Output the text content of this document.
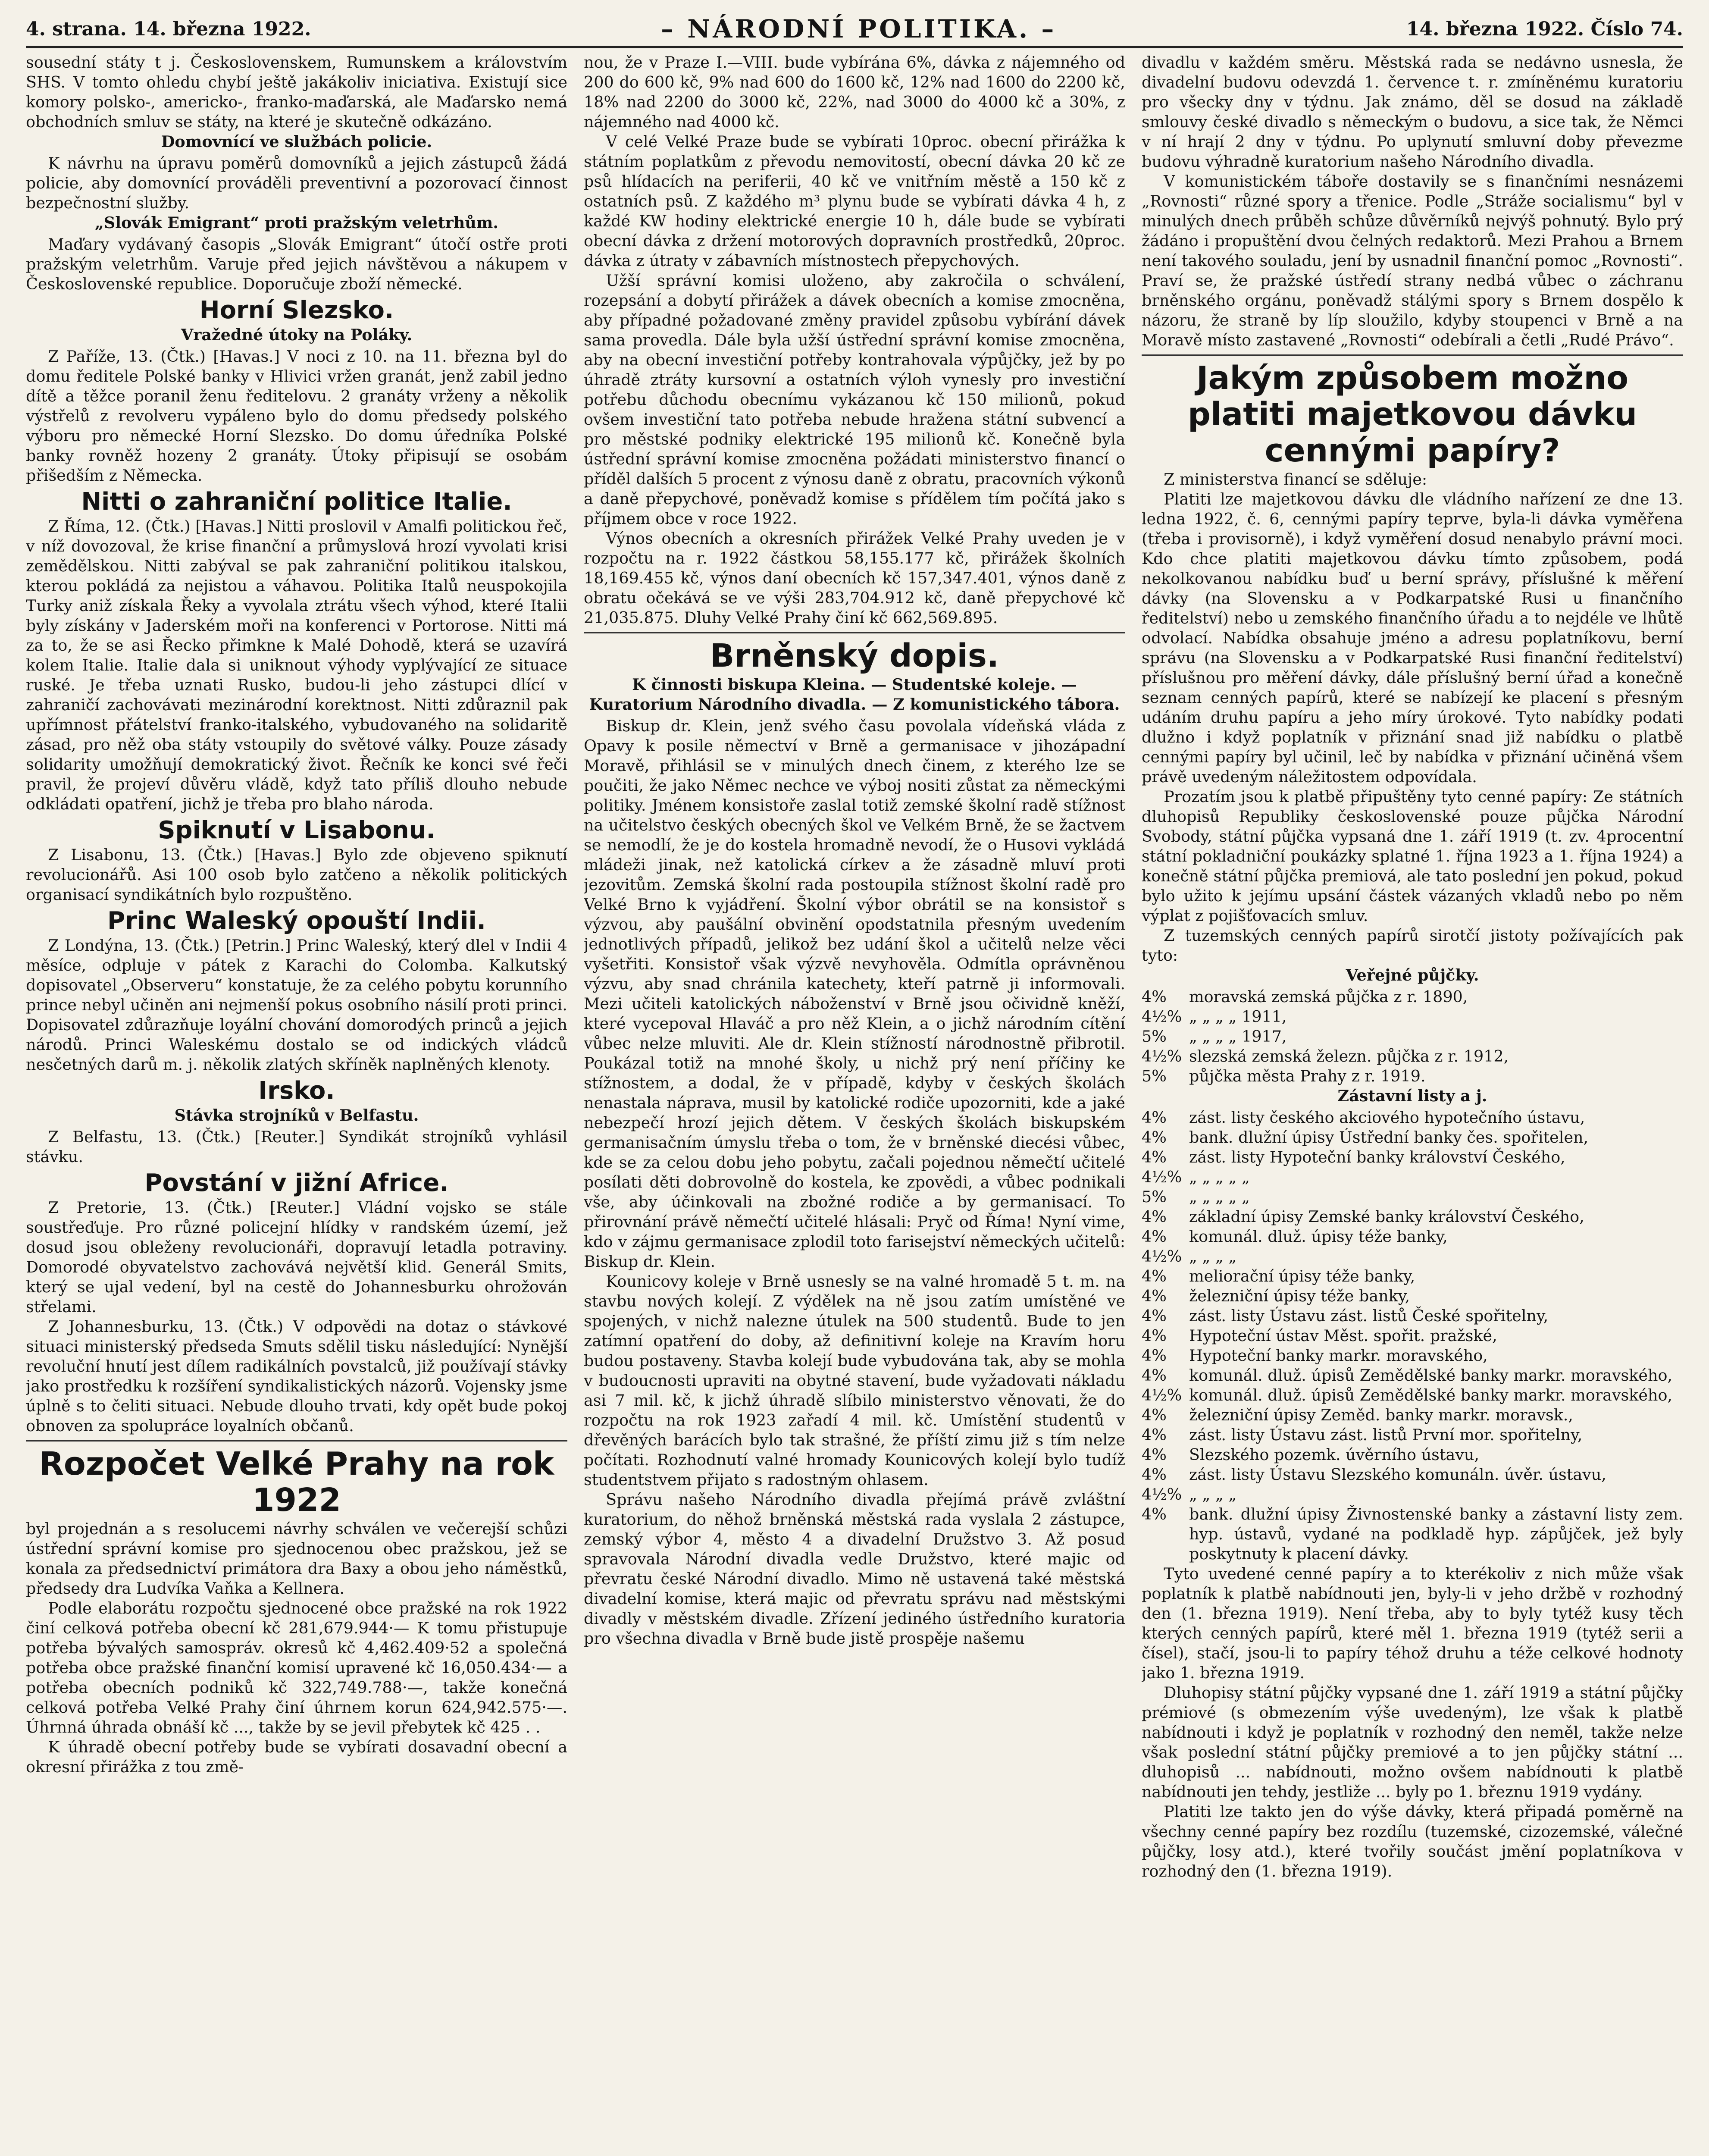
4. strana. 14. března 1922.	– NÁRODNÍ POLITIKA. –	14. března 1922. Číslo 74.

sousední státy t j. Československem, Rumunskem a královstvím SHS. V tomto ohledu chybí ještě jakákoliv iniciativa. Existují sice komory polsko-, americko-, franko-maďarská, ale Maďarsko nemá obchodních smluv se státy, na které je skutečně odkázáno.

Domovnící ve službách policie.

K návrhu na úpravu poměrů domovníků a jejich zástupců žádá policie, aby domovnící prováděli preventivní a pozorovací činnost bezpečnostní služby.

„Slovák Emigrant“ proti pražským veletrhům.

Maďary vydávaný časopis „Slovák Emigrant“ útočí ostře proti pražským veletrhům. Varuje před jejich návštěvou a nákupem v Československé republice. Doporučuje zboží německé.

Horní Slezsko.
Vražedné útoky na Poláky.

Z Paříže, 13. (Čtk.) [Havas.] V noci z 10. na 11. března byl do domu ředitele Polské banky v Hlivici vržen granát, jenž zabil jedno dítě a těžce poranil ženu ředitelovu. 2 granáty vrženy a několik výstřelů z revolveru vypáleno bylo do domu předsedy polského výboru pro německé Horní Slezsko. Do domu úředníka Polské banky rovněž hozeny 2 granáty. Útoky připisují se osobám přišedším z Německa.

Nitti o zahraniční politice Italie.

Z Říma, 12. (Čtk.) [Havas.] Nitti proslovil v Amalfi politickou řeč, v níž dovozoval, že krise finanční a průmyslová hrozí vyvolati krisi zemědělskou. Nitti zabýval se pak zahraniční politikou italskou, kterou pokládá za nejistou a váhavou. Politika Italů neuspokojila Turky aniž získala Řeky a vyvolala ztrátu všech výhod, které Italii byly získány v Jaderském moři na konferenci v Portorose. Nitti má za to, že se asi Řecko přimkne k Malé Dohodě, která se uzavírá kolem Italie. Italie dala si uniknout výhody vyplývající ze situace ruské. Je třeba uznati Rusko, budou-li jeho zástupci dlící v zahraničí zachovávati mezinárodní korektnost. Nitti zdůraznil pak upřímnost přátelství franko-italského, vybudovaného na solidaritě zásad, pro něž oba státy vstoupily do světové války. Pouze zásady solidarity umožňují demokratický život. Řečník ke konci své řeči pravil, že projeví důvěru vládě, když tato příliš dlouho nebude odkládati opatření, jichž je třeba pro blaho národa.

Spiknutí v Lisabonu.

Z Lisabonu, 13. (Čtk.) [Havas.] Bylo zde objeveno spiknutí revolucionářů. Asi 100 osob bylo zatčeno a několik politických organisací syndikátních bylo rozpuštěno.

Princ Waleský opouští Indii.

Z Londýna, 13. (Čtk.) [Petrin.] Princ Waleský, který dlel v Indii 4 měsíce, odpluje v pátek z Karachi do Colomba. Kalkutský dopisovatel „Observeru“ konstatuje, že za celého pobytu korunního prince nebyl učiněn ani nejmenší pokus osobního násilí proti princi. Dopisovatel zdůrazňuje loyální chování domorodých princů a jejich národů. Princi Waleskému dostalo se od indických vládců nesčetných darů m. j. několik zlatých skříněk naplněných klenoty.

Irsko.
Stávka strojníků v Belfastu.

Z Belfastu, 13. (Čtk.) [Reuter.] Syndikát strojníků vyhlásil stávku.

Povstání v jižní Africe.

Z Pretorie, 13. (Čtk.) [Reuter.] Vládní vojsko se stále soustřeďuje. Pro různé policejní hlídky v randském území, jež dosud jsou obleženy revolucionáři, dopravují letadla potraviny. Domorodé obyvatelstvo zachovává největší klid. Generál Smits, který se ujal vedení, byl na cestě do Johannesburku ohrožován střelami.

Z Johannesburku, 13. (Čtk.) V odpovědi na dotaz o stávkové situaci ministerský předseda Smuts sdělil tisku následující: Nynější revoluční hnutí jest dílem radikálních povstalců, již používají stávky jako prostředku k rozšíření syndikalistických názorů. Vojensky jsme úplně s to čeliti situaci. Nebude dlouho trvati, kdy opět bude pokoj obnoven za spolupráce loyalních občanů.

Rozpočet Velké Prahy na rok 1922

byl projednán a s resolucemi návrhy schválen ve večerejší schůzi ústřední správní komise pro sjednocenou obec pražskou, jež se konala za předsednictví primátora dra Baxy a obou jeho náměstků, předsedy dra Ludvíka Vaňka a Kellnera.

Podle elaborátu rozpočtu sjednocené obce pražské na rok 1922 činí celková potřeba obecní kč 281,679.944·— K tomu přistupuje potřeba bývalých samospráv. okresů kč 4,462.409·52 a společná potřeba obce pražské finanční komisí upravené kč 16,050.434·— a potřeba obecních podniků kč 322,749.788·—, takže konečná celková potřeba Velké Prahy činí úhrnem korun 624,942.575·—. Úhrnná úhrada obnáší kč ..., takže by se jevil přebytek kč 425 . .

K úhradě obecní potřeby bude se vybírati dosavadní obecní a okresní přirážka z tou změ-

nou, že v Praze I.—VIII. bude vybírána 6%, dávka z nájemného od 200 do 600 kč, 9% nad 600 do 1600 kč, 12% nad 1600 do 2200 kč, 18% nad 2200 do 3000 kč, 22%, nad 3000 do 4000 kč a 30%, z nájemného nad 4000 kč.

V celé Velké Praze bude se vybírati 10proc. obecní přirážka k státním poplatkům z převodu nemovitostí, obecní dávka 20 kč ze psů hlídacích na periferii, 40 kč ve vnitřním městě a 150 kč z ostatních psů. Z každého m³ plynu bude se vybírati dávka 4 h, z každé KW hodiny elektrické energie 10 h, dále bude se vybírati obecní dávka z držení motorových dopravních prostředků, 20proc. dávka z útraty v zábavních místnostech přepychových.

Užší správní komisi uloženo, aby zakročila o schválení, rozepsání a dobytí přirážek a dávek obecních a komise zmocněna, aby případné požadované změny pravidel způsobu vybírání dávek sama provedla. Dále byla užší ústřední správní komise zmocněna, aby na obecní investiční potřeby kontrahovala výpůjčky, jež by po úhradě ztráty kursovní a ostatních výloh vynesly pro investiční potřebu důchodu obecnímu vykázanou kč 150 milionů, pokud ovšem investiční tato potřeba nebude hražena státní subvencí a pro městské podniky elektrické 195 milionů kč. Konečně byla ústřední správní komise zmocněna požádati ministerstvo financí o příděl dalších 5 procent z výnosu daně z obratu, pracovních výkonů a daně přepychové, poněvadž komise s přídělem tím počítá jako s příjmem obce v roce 1922.

Výnos obecních a okresních přirážek Velké Prahy uveden je v rozpočtu na r. 1922 částkou 58,155.177 kč, přirážek školních 18,169.455 kč, výnos daní obecních kč 157,347.401, výnos daně z obratu očekává se ve výši 283,704.912 kč, daně přepychové kč 21,035.875. Dluhy Velké Prahy činí kč 662,569.895.

Brněnský dopis.
K činnosti biskupa Kleina. — Studentské koleje. — Kuratorium Národního divadla. — Z komunistického tábora.

Biskup dr. Klein, jenž svého času povolala vídeňská vláda z Opavy k posile němectví v Brně a germanisace v jihozápadní Moravě, přihlásil se v minulých dnech činem, z kterého lze se poučiti, že jako Němec nechce ve výboj nositi zůstat za německými politiky. Jménem konsistoře zaslal totiž zemské školní radě stížnost na učitelstvo českých obecných škol ve Velkém Brně, že se žactvem se nemodlí, že je do kostela hromadně nevodí, že o Husovi vykládá mládeži jinak, než katolická církev a že zásadně mluví proti jezovitům. Zemská školní rada postoupila stížnost školní radě pro Velké Brno k vyjádření. Školní výbor obrátil se na konsistoř s výzvou, aby paušální obvinění opodstatnila přesným uvedením jednotlivých případů, jelikož bez udání škol a učitelů nelze věci vyšetřiti. Konsistoř však výzvě nevyhověla. Odmítla oprávněnou výzvu, aby snad chránila katechety, kteří patrně ji informovali. Mezi učiteli katolických náboženství v Brně jsou očividně kněží, které vycepoval Hlaváč a pro něž Klein, a o jichž národním cítění vůbec nelze mluviti. Ale dr. Klein stížností národnostně přibrotil. Poukázal totiž na mnohé školy, u nichž prý není příčiny ke stížnostem, a dodal, že v případě, kdyby v českých školách nenastala náprava, musil by katolické rodiče upozorniti, kde a jaké nebezpečí hrozí jejich dětem. V českých školách biskupském germanisačním úmyslu třeba o tom, že v brněnské diecési vůbec, kde se za celou dobu jeho pobytu, začali pojednou němečtí učitelé posílati děti dobrovolně do kostela, ke zpovědi, a vůbec podnikali vše, aby účinkovali na zbožné rodiče a by germanisací. To přirovnání právě němečtí učitelé hlásali: Pryč od Říma! Nyní vime, kdo v zájmu germanisace zplodil toto farisejství německých učitelů: Biskup dr. Klein.

Kounicovy koleje v Brně usnesly se na valné hromadě 5 t. m. na stavbu nových kolejí. Z výdělek na ně jsou zatím umístěné ve spojených, v nichž nalezne útulek na 500 studentů. Bude to jen zatímní opatření do doby, až definitivní koleje na Kravím horu budou postaveny. Stavba kolejí bude vybudována tak, aby se mohla v budoucnosti upraviti na obytné stavení, bude vyžadovati nákladu asi 7 mil. kč, k jichž úhradě slíbilo ministerstvo věnovati, že do rozpočtu na rok 1923 zařadí 4 mil. kč. Umístění studentů v dřevěných barácích bylo tak strašné, že příští zimu již s tím nelze počítati. Rozhodnutí valné hromady Kounicových kolejí bylo tudíž studentstvem přijato s radostným ohlasem.

Správu našeho Národního divadla přejímá právě zvláštní kuratorium, do něhož brněnská městská rada vyslala 2 zástupce, zemský výbor 4, město 4 a divadelní Družstvo 3. Až posud spravovala Národní divadla vedle Družstvo, které majic od převratu české Národní divadlo. Mimo ně ustavená také městská divadelní komise, která majic od převratu správu nad městskými divadly v městském divadle. Zřízení jediného ústředního kuratoria pro všechna divadla v Brně bude jistě prospěje našemu

divadlu v každém směru. Městská rada se nedávno usnesla, že divadelní budovu odevzdá 1. července t. r. zmíněnému kuratoriu pro všecky dny v týdnu. Jak známo, děl se dosud na základě smlouvy české divadlo s německým o budovu, a sice tak, že Němci v ní hrají 2 dny v týdnu. Po uplynutí smluvní doby převezme budovu výhradně kuratorium našeho Národního divadla.

V komunistickém táboře dostavily se s finančními nesnázemi „Rovnosti“ různé spory a třenice. Podle „Stráže socialismu“ byl v minulých dnech průběh schůze důvěrníků nejvýš pohnutý. Bylo prý žádáno i propuštění dvou čelných redaktorů. Mezi Prahou a Brnem není takového souladu, jení by usnadnil finanční pomoc „Rovnosti“. Praví se, že pražské ústředí strany nedbá vůbec o záchranu brněnského orgánu, poněvadž stálými spory s Brnem dospělo k názoru, že straně by líp sloužilo, kdyby stoupenci v Brně a na Moravě místo zastavené „Rovnosti“ odebírali a četli „Rudé Právo“.

Jakým způsobem možno platiti majetkovou dávku cennými papíry?

Z ministerstva financí se sděluje:

Platiti lze majetkovou dávku dle vládního nařízení ze dne 13. ledna 1922, č. 6, cennými papíry teprve, byla-li dávka vyměřena (třeba i provisorně), i když vyměření dosud nenabylo právní moci. Kdo chce platiti majetkovou dávku tímto způsobem, podá nekolkovanou nabídku buď u berní správy, příslušné k měření dávky (na Slovensku a v Podkarpatské Rusi u finančního ředitelství) nebo u zemského finančního úřadu a to nejdéle ve lhůtě odvolací. Nabídka obsahuje jméno a adresu poplatníkovu, berní správu (na Slovensku a v Podkarpatské Rusi finanční ředitelství) příslušnou pro měření dávky, dále příslušný berní úřad a konečně seznam cenných papírů, které se nabízejí ke placení s přesným udáním druhu papíru a jeho míry úrokové. Tyto nabídky podati dlužno i když poplatník v přiznání snad již nabídku o platbě cennými papíry byl učinil, leč by nabídka v přiznání učiněná všem právě uvedeným náležitostem odpovídala.

Prozatím jsou k platbě připuštěny tyto cenné papíry: Ze státních dluhopisů Republiky československé pouze půjčka Národní Svobody, státní půjčka vypsaná dne 1. září 1919 (t. zv. 4procentní státní pokladniční poukázky splatné 1. října 1923 a 1. října 1924) a konečně státní půjčka premiová, ale tato poslední jen pokud, pokud bylo užito k jejímu upsání částek vázaných vkladů nebo po něm výplat z pojišťovacích smluv.

Z tuzemských cenných papírů sirotčí jistoty požívajících pak tyto:

Veřejné půjčky.
4%	moravská zemská půjčka z r. 1890,
4½% „ „ „ „ 1911,
5%	„ „ „ „ 1917,
4½% slezská zemská železn. půjčka z r. 1912,
5%	půjčka města Prahy z r. 1919.
Zástavní listy a j.
4%	zást. listy českého akciového hypotečního ústavu,
4%	bank. dlužní úpisy Ústřední banky čes. spořitelen,
4%	zást. listy Hypoteční banky království Českého,
4½% „ „ „ „ „
5%	„ „ „ „ „
4%	základní úpisy Zemské banky království Českého,
4%	komunál. dluž. úpisy téže banky,
4½% „ „ „ „
4%	meliorační úpisy téže banky,
4%	železniční úpisy téže banky,
4%	zást. listy Ústavu zást. listů České spořitelny,
4%	Hypoteční ústav Měst. spořit. pražské,
4%	Hypoteční banky markr. moravského,
4%	komunál. dluž. úpisů Zemědělské banky markr. moravského,
4½% komunál. dluž. úpisů Zemědělské banky markr. moravského,
4%	železniční úpisy Zeměd. banky markr. moravsk.,
4%	zást. listy Ústavu zást. listů První mor. spořitelny,
4%	Slezského pozemk. úvěrního ústavu,
4%	zást. listy Ústavu Slezského komunáln. úvěr. ústavu,
4½% „ „ „ „
4%	bank. dlužní úpisy Živnostenské banky a zástavní listy zem. hyp. ústavů, vydané na podkladě hyp. zápůjček, jež byly poskytnuty k placení dávky.

Tyto uvedené cenné papíry a to kterékoliv z nich může však poplatník k platbě nabídnouti jen, byly-li v jeho držbě v rozhodný den (1. března 1919). Není třeba, aby to byly tytéž kusy těch kterých cenných papírů, které měl 1. března 1919 (tytéž serii a čísel), stačí, jsou-li to papíry téhož druhu a téže celkové hodnoty jako 1. března 1919.

Dluhopisy státní půjčky vypsané dne 1. září 1919 a státní půjčky prémiové (s obmezením výše uvedeným), lze však k platbě nabídnouti i když je poplatník v rozhodný den neměl, takže nelze však poslední státní půjčky premiové a to jen půjčky státní ... dluhopisů ... nabídnouti, možno ovšem nabídnouti k platbě nabídnouti jen tehdy, jestliže ... byly po 1. březnu 1919 vydány.

Platiti lze takto jen do výše dávky, která připadá poměrně na všechny cenné papíry bez rozdílu (tuzemské, cizozemské, válečné půjčky, losy atd.), které tvořily součást jmění poplatníkova v rozhodný den (1. března 1919).
